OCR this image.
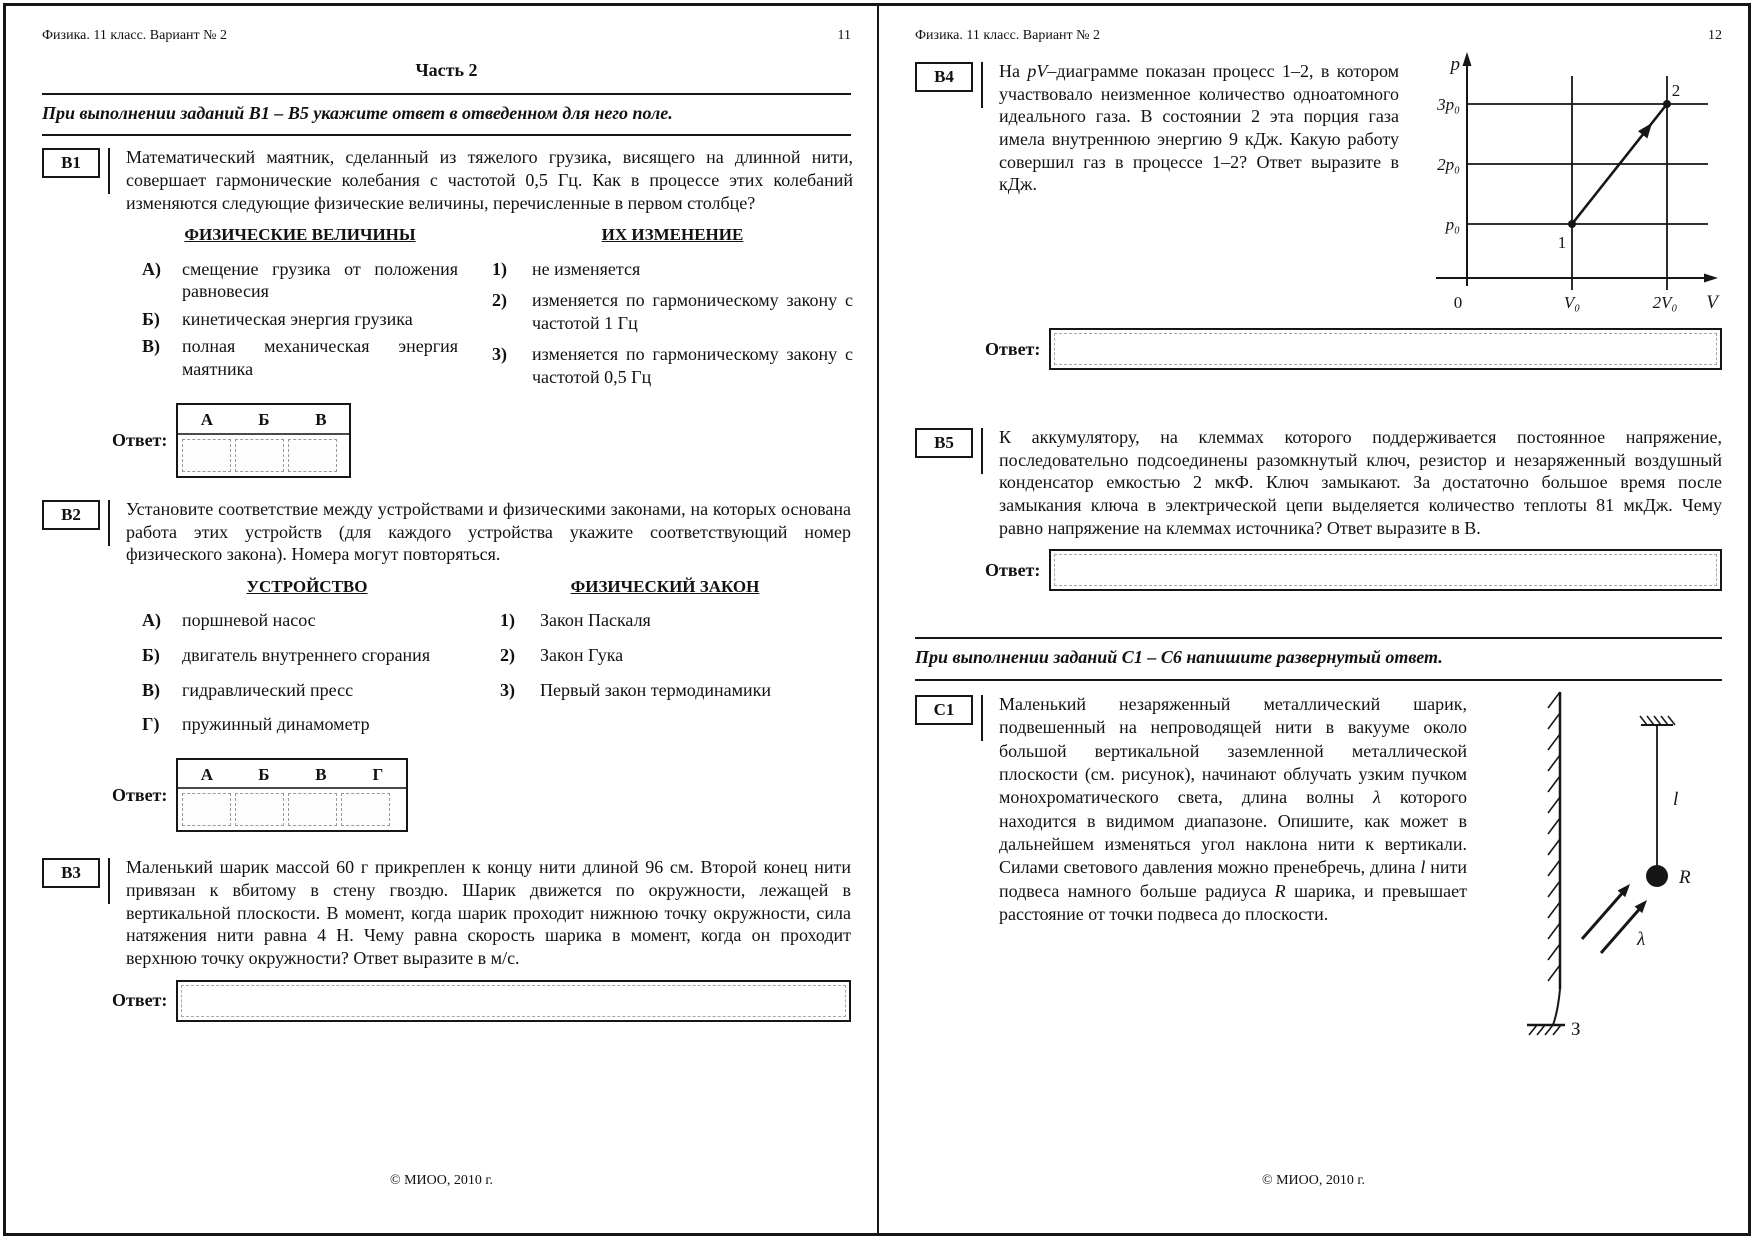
Физика. 11 класс. Вариант № 2	11
Часть 2
При выполнении заданий В1 – В5 укажите ответ в отведенном для него поле.
В1	Математический маятник, сделанный из тяжелого грузика, висящего на длинной нити, совершает гармонические колебания с частотой 0,5 Гц. Как в процессе этих колебаний изменяются следующие физические величины, перечисленные в первом столбце?
ФИЗИЧЕСКИЕ ВЕЛИЧИНЫ
А)	смещение грузика от положения равновесия
Б)	кинетическая энергия грузика
В)	полная механическая энергия маятника
ИХ ИЗМЕНЕНИЕ
1)	не изменяется
2)	изменяется по гармоническому закону с частотой 1 Гц
3)	изменяется по гармоническому закону с частотой 0,5 Гц
Ответ:
А	Б	В
В2	Установите соответствие между устройствами и физическими законами, на которых основана работа этих устройств (для каждого устройства укажите соответствующий номер физического закона). Номера могут повторяться.
УСТРОЙСТВО
А)	поршневой насос
Б)	двигатель внутреннего сгорания
В)	гидравлический пресс
Г)	пружинный динамометр
ФИЗИЧЕСКИЙ ЗАКОН
1)	Закон Паскаля
2)	Закон Гука
3)	Первый закон термодинамики
Ответ:
А	Б	В	Г
В3	Маленький шарик массой 60 г прикреплен к концу нити длиной 96 см. Второй конец нити привязан к вбитому в стену гвоздю. Шарик движется по окружности, лежащей в вертикальной плоскости. В момент, когда шарик проходит нижнюю точку окружности, сила натяжения нити равна 4 Н. Чему равна скорость шарика в момент, когда он проходит верхнюю точку окружности? Ответ выразите в м/с.
Ответ:
© МИОО, 2010 г.
Физика. 11 класс. Вариант № 2	12
В4	На pV–диаграмме показан процесс 1–2, в котором участвовало неизменное количество одноатомного идеального газа. В состоянии 2 эта порция газа имела внутреннюю энергию 9 кДж. Какую работу совершил газ в процессе 1–2? Ответ выразите в кДж.
p
3p₀
2p₀
p₀
0	V₀	2V₀ V
1
2
Ответ:
В5	К аккумулятору, на клеммах которого поддерживается постоянное напряжение, последовательно подсоединены разомкнутый ключ, резистор и незаряженный воздушный конденсатор емкостью 2 мкФ. Ключ замыкают. За достаточно большое время после замыкания ключа в электрической цепи выделяется количество теплоты 81 мкДж. Чему равно напряжение на клеммах источника? Ответ выразите в В.
Ответ:
При выполнении заданий С1 – С6 напишите развернутый ответ.
С1	Маленький незаряженный металлический шарик, подвешенный на непроводящей нити в вакууме около большой вертикальной заземленной металлической плоскости (см. рисунок), начинают облучать узким пучком монохроматического света, длина волны λ которого находится в видимом диапазоне. Опишите, как может в дальнейшем изменяться угол наклона нити к вертикали. Силами светового давления можно пренебречь, длина l нити подвеса намного больше радиуса R шарика, и превышает расстояние от точки подвеса до плоскости.
З
R
l
λ
© МИОО, 2010 г.
